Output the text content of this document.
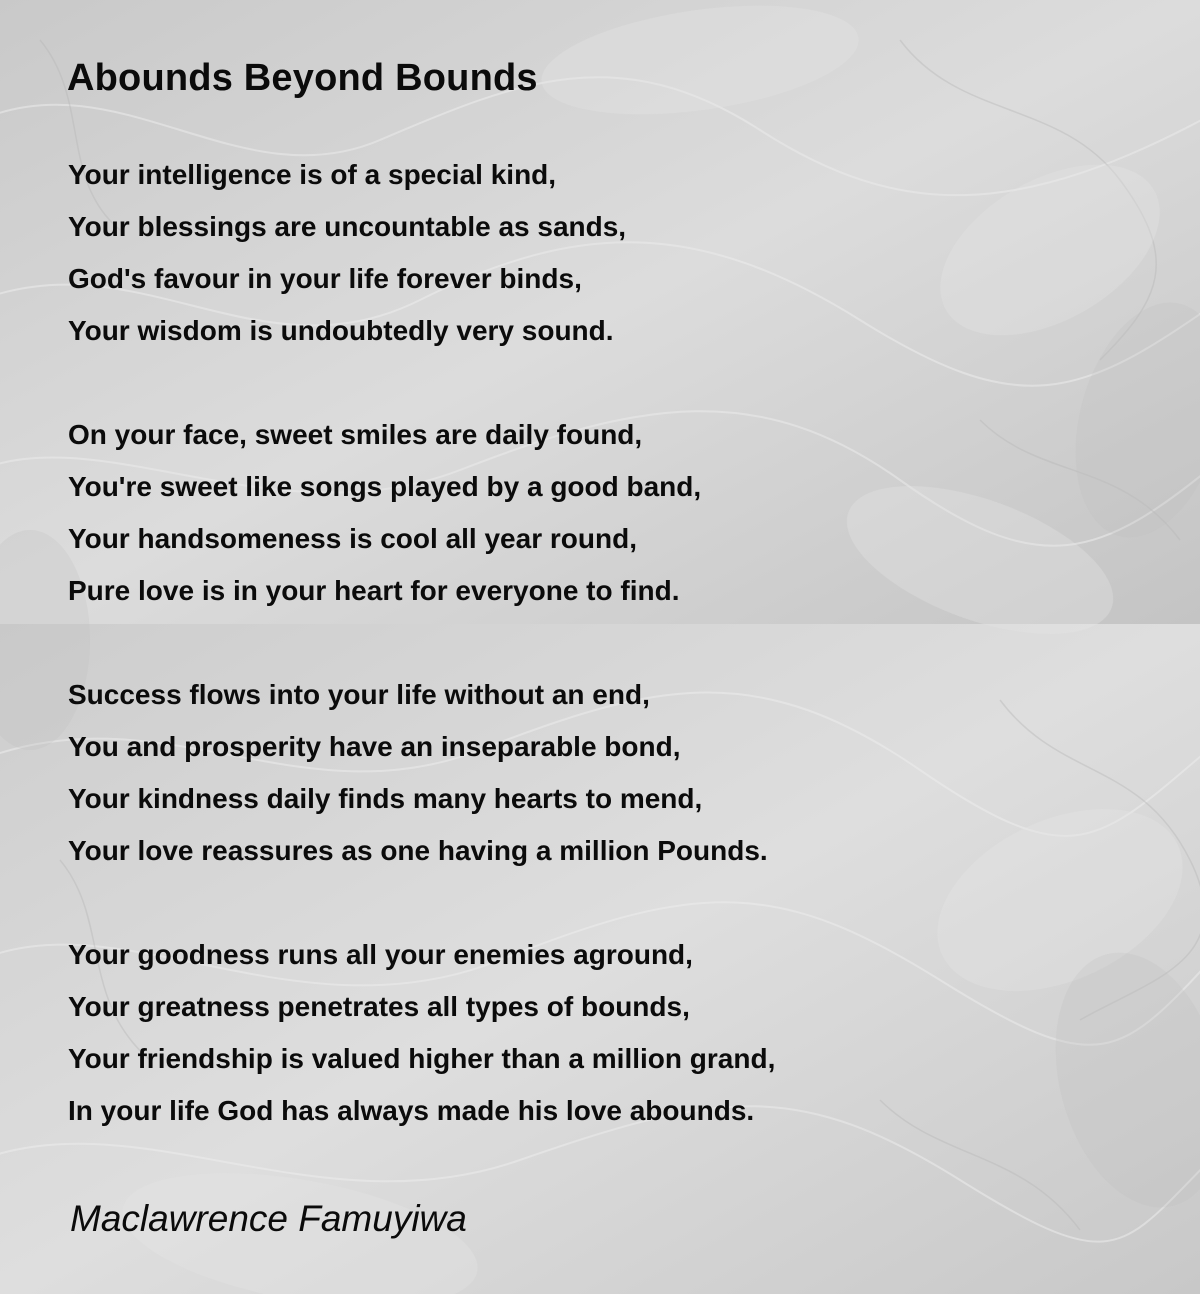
Abounds Beyond Bounds
Your intelligence is of a special kind,
Your blessings are uncountable as sands,
God's favour in your life forever binds,
Your wisdom is undoubtedly very sound.
On your face, sweet smiles are daily found,
You're sweet like songs played by a good band,
Your handsomeness is cool all year round,
Pure love is in your heart for everyone to find.
Success flows into your life without an end,
You and prosperity have an inseparable bond,
Your kindness daily finds many hearts to mend,
Your love reassures as one having a million Pounds.
Your goodness runs all your enemies aground,
Your greatness penetrates all types of bounds,
Your friendship is valued higher than a million grand,
In your life God has always made his love abounds.
Maclawrence Famuyiwa
